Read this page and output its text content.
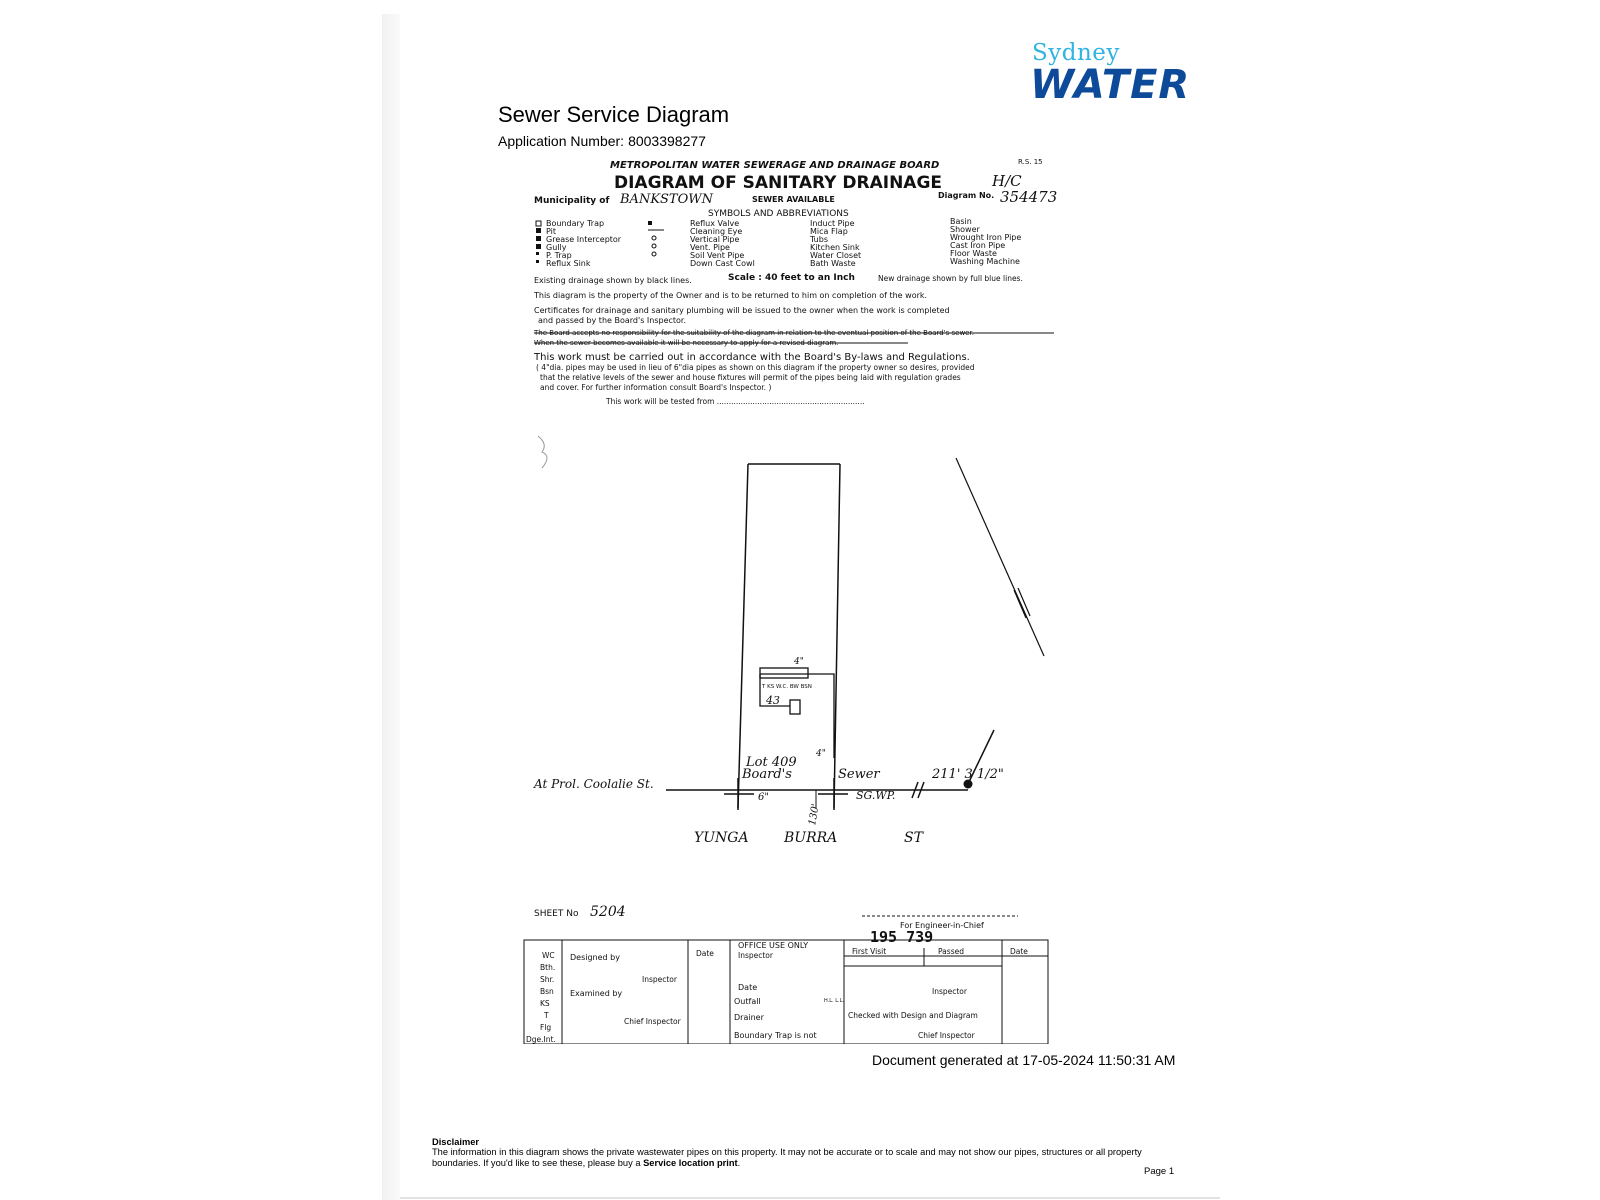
Sydney
WATER
Sewer Service Diagram
Application Number: 8003398277
METROPOLITAN WATER SEWERAGE AND DRAINAGE BOARD	R.S. 15
DIAGRAM OF SANITARY DRAINAGE	H/C
Municipality of BANKSTOWN	SEWER AVAILABLE	Diagram No. 354473
SYMBOLS AND ABBREVIATIONS
Boundary Trap
Pit
Grease Interceptor
Gully
P. Trap
Reflux Sink
Reflux Valve
Cleaning Eye
Vertical Pipe
Vent. Pipe
Soil Vent Pipe
Down Cast Cowl
Induct Pipe
Mica Flap
Tubs
Kitchen Sink
Water Closet
Bath Waste
Basin
Shower
Wrought Iron Pipe
Cast Iron Pipe
Floor Waste
Washing Machine
Existing drainage shown by black lines.	Scale : 40 feet to an Inch	New drainage shown by full blue lines.
This diagram is the property of the Owner and is to be returned to him on completion of the work.
Certificates for drainage and sanitary plumbing will be issued to the owner when the work is completed
and passed by the Board's Inspector.
The Board accepts no responsibility for the suitability of the diagram in relation to the eventual position of the Board's sewer.
When the sewer becomes available it will be necessary to apply for a revised diagram.
This work must be carried out in accordance with the Board's By-laws and Regulations.
( 4"dia. pipes may be used in lieu of 6"dia pipes as shown on this diagram if the property owner so desires, provided
that the relative levels of the sewer and house fixtures will permit of the pipes being laid with regulation grades
and cover. For further information consult Board's Inspector. )
This work will be tested from ..............................................................
4"
T KS W.C. BW BSN
43
4"
Lot 409
Board's	Sewer	211' 3 1/2"
At Prol. Coolalie St.
6"	SG.WP.
130'
YUNGA	BURRA	ST
SHEET No 5204
For Engineer-in-Chief
195 739
OFFICE USE ONLY
WC
Bth.
Shr.
Bsn
KS
T
Flg
Dge.Int.
Designed by
Inspector
Examined by
Chief Inspector
Date	Inspector
Date
Outfall	H.L. L.L.
Drainer
Boundary Trap is not
First Visit	Passed	Date
Inspector
Checked with Design and Diagram
Chief Inspector
Document generated at 17-05-2024 11:50:31 AM
Disclaimer
The information in this diagram shows the private wastewater pipes on this property. It may not be accurate or to scale and may not show our pipes, structures or all property boundaries. If you'd like to see these, please buy a Service location print.
Page 1
